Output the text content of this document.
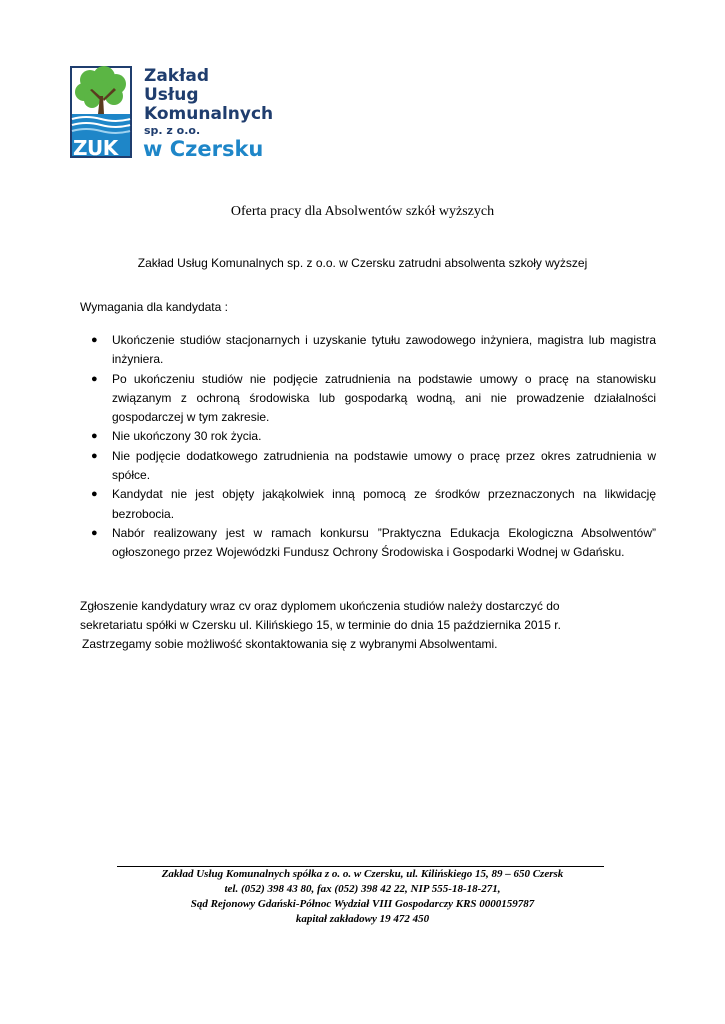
ZUK
Zakład
Usług
Komunalnych
sp. z o.o.
w Czersku
Oferta pracy dla Absolwentów szkół wyższych
Zakład Usług Komunalnych sp. z o.o. w Czersku zatrudni absolwenta szkoły wyższej
Wymagania dla kandydata :
● Ukończenie studiów stacjonarnych i uzyskanie tytułu zawodowego inżyniera, magistra lub magistra inżyniera.
● Po ukończeniu studiów nie podjęcie zatrudnienia na podstawie umowy o pracę na stanowisku związanym z ochroną środowiska lub gospodarką wodną, ani nie prowadzenie działalności gospodarczej w tym zakresie.
● Nie ukończony 30 rok życia.
● Nie podjęcie dodatkowego zatrudnienia na podstawie umowy o pracę przez okres zatrudnienia w spółce.
● Kandydat nie jest objęty jakąkolwiek inną pomocą ze środków przeznaczonych na likwidację bezrobocia.
● Nabór realizowany jest w ramach konkursu ”Praktyczna Edukacja Ekologiczna Absolwentów” ogłoszonego przez Wojewódzki Fundusz Ochrony Środowiska i Gospodarki Wodnej w Gdańsku.
Zgłoszenie kandydatury wraz cv oraz dyplomem ukończenia studiów należy dostarczyć do
sekretariatu spółki w Czersku ul. Kilińskiego 15, w terminie do dnia 15 października 2015 r.
Zastrzegamy sobie możliwość skontaktowania się z wybranymi Absolwentami.
Zakład Usług Komunalnych spółka z o. o. w Czersku, ul. Kilińskiego 15, 89 – 650 Czersk
tel. (052) 398 43 80, fax (052) 398 42 22, NIP 555-18-18-271,
Sąd Rejonowy Gdański-Północ Wydział VIII Gospodarczy KRS 0000159787
kapitał zakładowy 19 472 450
